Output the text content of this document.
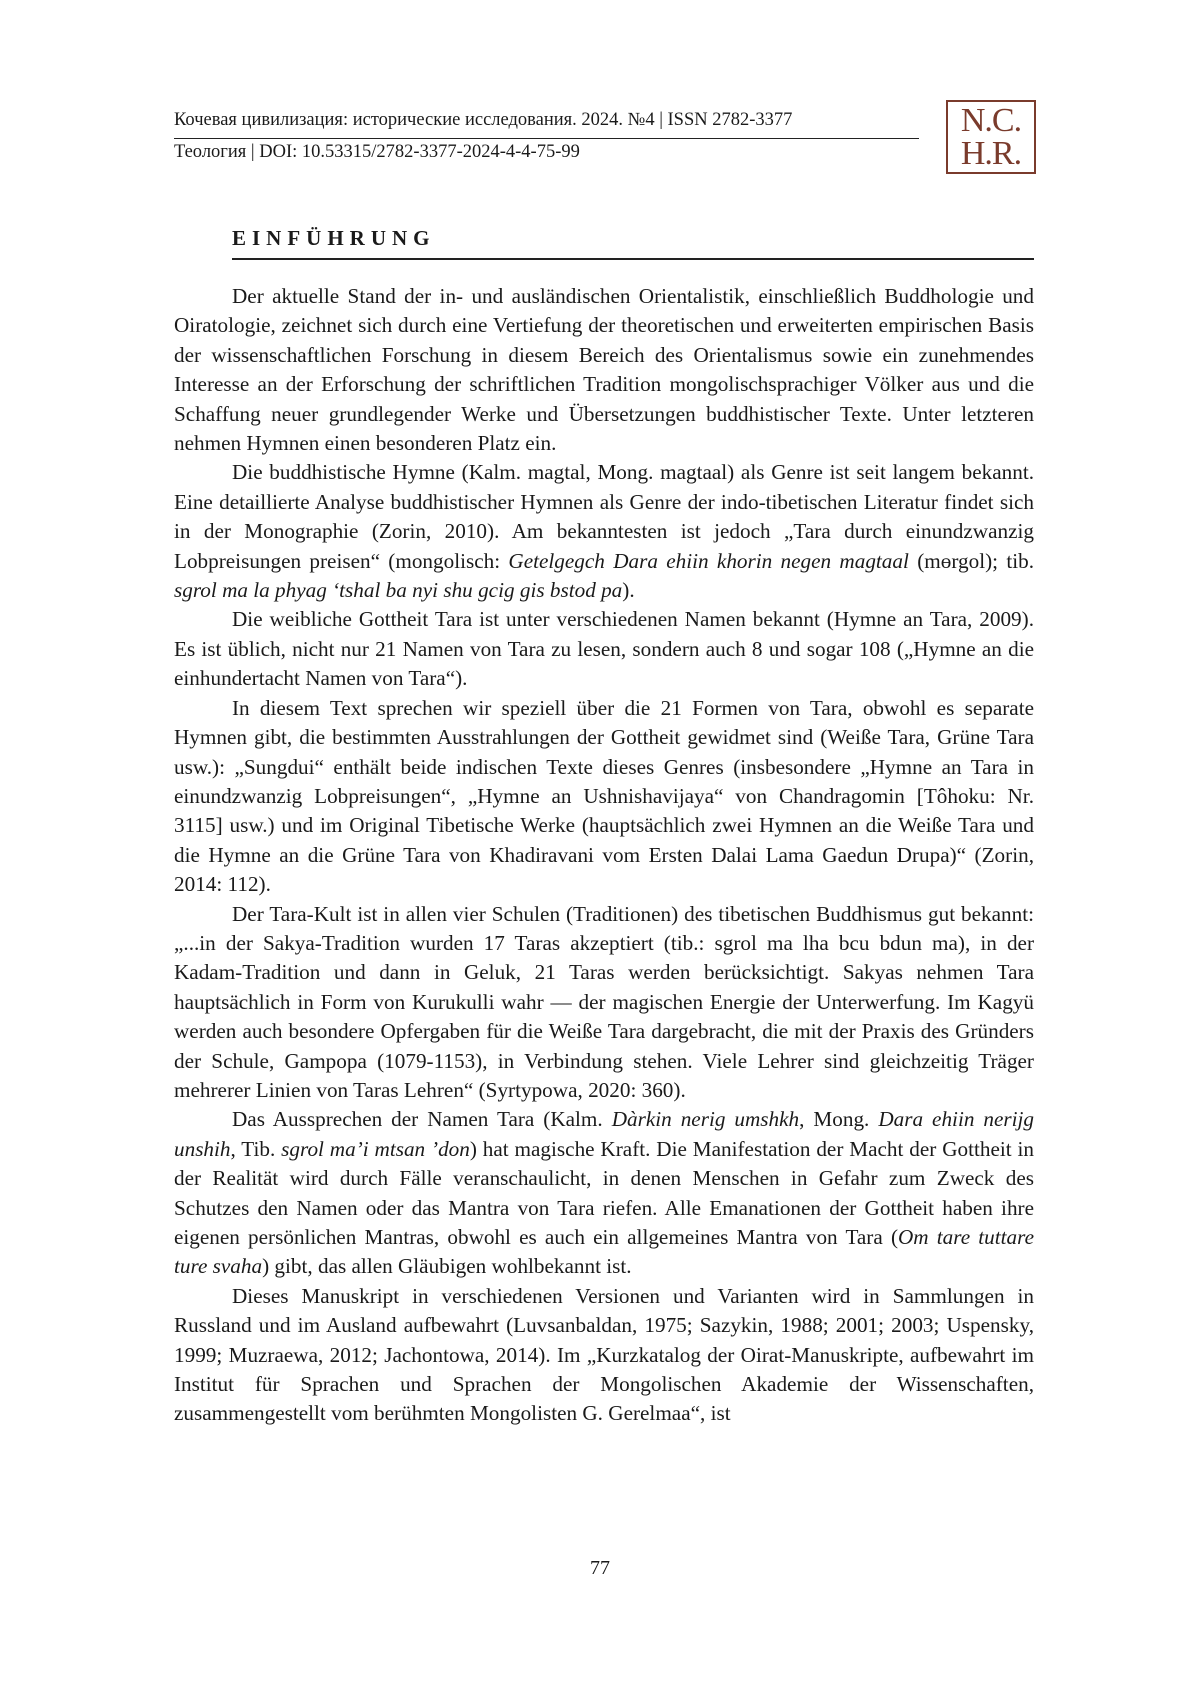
Кочевая цивилизация: исторические исследования. 2024. №4 | ISSN 2782-3377
Теология | DOI: 10.53315/2782-3377-2024-4-4-75-99
N.C.
H.R.
EINFÜHRUNG

Der aktuelle Stand der in- und ausländischen Orientalistik, einschließlich Buddhologie und Oiratologie, zeichnet sich durch eine Vertiefung der theoretischen und erweiterten empirischen Basis der wissenschaftlichen Forschung in diesem Bereich des Orientalismus sowie ein zunehmendes Interesse an der Erforschung der schriftlichen Tradition mongolischsprachiger Völker aus und die Schaffung neuer grundlegender Werke und Übersetzungen buddhistischer Texte. Unter letzteren nehmen Hymnen einen besonderen Platz ein.

Die buddhistische Hymne (Kalm. magtal, Mong. magtaal) als Genre ist seit langem bekannt. Eine detaillierte Analyse buddhistischer Hymnen als Genre der indo-tibetischen Literatur findet sich in der Monographie (Zorin, 2010). Am bekanntesten ist jedoch „Tara durch einundzwanzig Lobpreisungen preisen“ (mongolisch: Getelgegch Dara ehiin khorin negen magtaal (mөrgol); tib. sgrol ma la phyag ‘tshal ba nyi shu gcig gis bstod pa).

Die weibliche Gottheit Tara ist unter verschiedenen Namen bekannt (Hymne an Tara, 2009). Es ist üblich, nicht nur 21 Namen von Tara zu lesen, sondern auch 8 und sogar 108 („Hymne an die einhundertacht Namen von Tara“).

In diesem Text sprechen wir speziell über die 21 Formen von Tara, obwohl es separate Hymnen gibt, die bestimmten Ausstrahlungen der Gottheit gewidmet sind (Weiße Tara, Grüne Tara usw.): „Sungdui“ enthält beide indischen Texte dieses Genres (insbesondere „Hymne an Tara in einundzwanzig Lobpreisungen“, „Hymne an Ushnishavijaya“ von Chandragomin [Tôhoku: Nr. 3115] usw.) und im Original Tibetische Werke (hauptsächlich zwei Hymnen an die Weiße Tara und die Hymne an die Grüne Tara von Khadiravani vom Ersten Dalai Lama Gaedun Drupa)“ (Zorin, 2014: 112).

Der Tara-Kult ist in allen vier Schulen (Traditionen) des tibetischen Buddhismus gut bekannt: „...in der Sakya-Tradition wurden 17 Taras akzeptiert (tib.: sgrol ma lha bcu bdun ma), in der Kadam-Tradition und dann in Geluk, 21 Taras werden berücksichtigt. Sakyas nehmen Tara hauptsächlich in Form von Kurukulli wahr — der magischen Energie der Unterwerfung. Im Kagyü werden auch besondere Opfergaben für die Weiße Tara dargebracht, die mit der Praxis des Gründers der Schule, Gampopa (1079-1153), in Verbindung stehen. Viele Lehrer sind gleichzeitig Träger mehrerer Linien von Taras Lehren“ (Syrtypowa, 2020: 360).

Das Aussprechen der Namen Tara (Kalm. Dàrkin nerig umshkh, Mong. Dara ehiin nerijg unshih, Tib. sgrol ma’i mtsan ’don) hat magische Kraft. Die Manifestation der Macht der Gottheit in der Realität wird durch Fälle veranschaulicht, in denen Menschen in Gefahr zum Zweck des Schutzes den Namen oder das Mantra von Tara riefen. Alle Emanationen der Gottheit haben ihre eigenen persönlichen Mantras, obwohl es auch ein allgemeines Mantra von Tara (Om tare tuttare ture svaha) gibt, das allen Gläubigen wohlbekannt ist.

Dieses Manuskript in verschiedenen Versionen und Varianten wird in Sammlungen in Russland und im Ausland aufbewahrt (Luvsanbaldan, 1975; Sazykin, 1988; 2001; 2003; Uspensky, 1999; Muzraewa, 2012; Jachontowa, 2014). Im „Kurzkatalog der Oirat-Manuskripte, aufbewahrt im Institut für Sprachen und Sprachen der Mongolischen Akademie der Wissenschaften, zusammengestellt vom berühmten Mongolisten G. Gerelmaa“, ist

77
